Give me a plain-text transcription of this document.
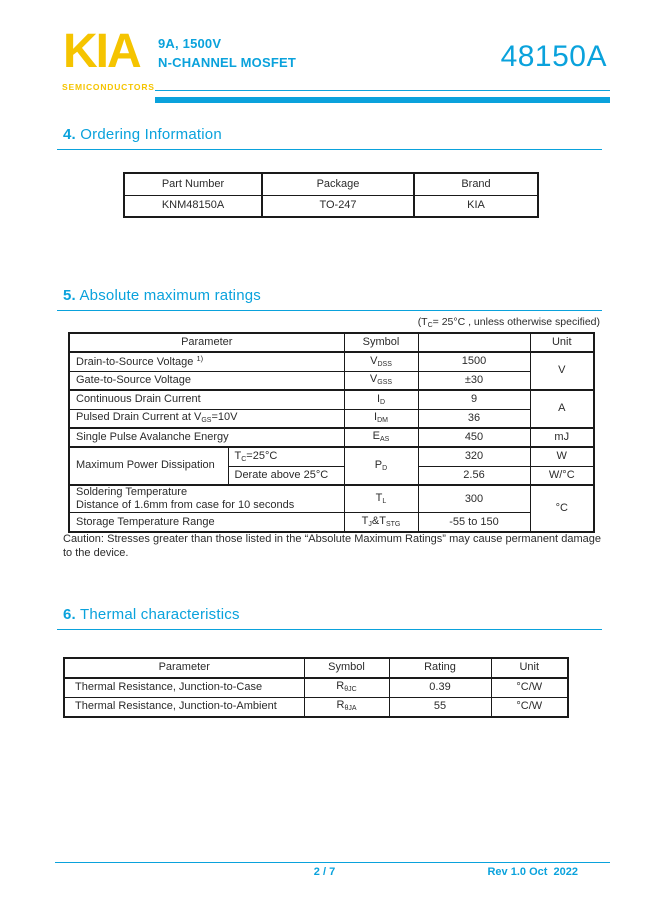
KIA
SEMICONDUCTORS
9A, 1500V
N-CHANNEL MOSFET	48150A
4. Ordering Information
Part Number	Package	Brand
KNM48150A	TO-247	KIA
5. Absolute maximum ratings
(TC= 25°C , unless otherwise specified)
Parameter		Symbol		Unit
Drain-to-Source Voltage $^{1)}$		VDSS	1500	V
Gate-to-Source Voltage		VGSS	±30	
Continuous Drain Current		ID	9	A
Pulsed Drain Current at VGS=10V		IDM	36	
Single Pulse Avalanche Energy		EAS	450	mJ
Maximum Power Dissipation	TC=25°C	PD	320	W
	Derate above 25°C		2.56	W/°C

Soldering Temperature
Distance of 1.6mm from case for 10 seconds		TL	300	°C
Storage Temperature Range		TJ&TSTG	-55 to 150	
Caution: Stresses greater than those listed in the “Absolute Maximum Ratings” may cause permanent damage to the device.
6. Thermal characteristics
Parameter	Symbol	Rating	Unit
Thermal Resistance, Junction-to-Case	RθJC	0.39	°C/W
Thermal Resistance, Junction-to-Ambient	RθJA	55	°C/W
2 / 7	Rev 1.0 Oct  2022
